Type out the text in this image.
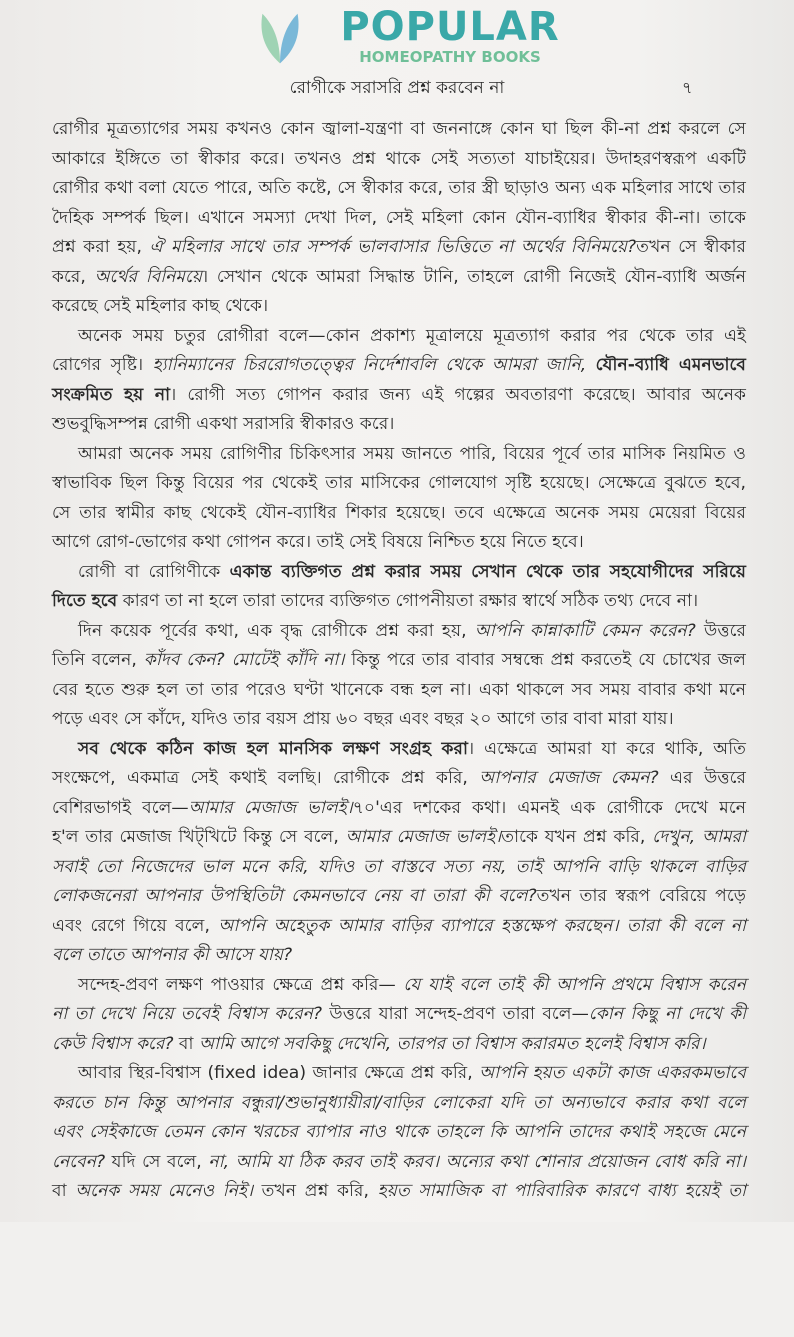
POPULAR
HOMEOPATHY BOOKS
রোগীকে সরাসরি প্রশ্ন করবেন না	৭
রোগীর মূত্রত্যাগের সময় কখনও কোন জ্বালা-যন্ত্রণা বা জননাঙ্গে কোন ঘা ছিল কী-না প্রশ্ন করলে সে
আকারে ইঙ্গিতে তা স্বীকার করে। তখনও প্রশ্ন থাকে সেই সত্যতা যাচাইয়ের। উদাহরণস্বরূপ একটি
রোগীর কথা বলা যেতে পারে, অতি কষ্টে, সে স্বীকার করে, তার স্ত্রী ছাড়াও অন্য এক মহিলার সাথে তার
দৈহিক সম্পর্ক ছিল। এখানে সমস্যা দেখা দিল, সেই মহিলা কোন যৌন-ব্যাধির স্বীকার কী-না। তাকে
প্রশ্ন করা হয়, ঐ মহিলার সাথে তার সম্পর্ক ভালবাসার ভিত্তিতে না অর্থের বিনিময়ে?তখন সে স্বীকার
করে, অর্থের বিনিময়ে। সেখান থেকে আমরা সিদ্ধান্ত টানি, তাহলে রোগী নিজেই যৌন-ব্যাধি অর্জন
করেছে সেই মহিলার কাছ থেকে।
অনেক সময় চতুর রোগীরা বলে—কোন প্রকাশ্য মূত্রালয়ে মূত্রত্যাগ করার পর থেকে তার এই
রোগের সৃষ্টি। হ্যানিম্যানের চিররোগতত্ত্বের নির্দেশাবলি থেকে আমরা জানি, যৌন-ব্যাধি এমনভাবে
সংক্রমিত হয় না। রোগী সত্য গোপন করার জন্য এই গল্পের অবতারণা করেছে। আবার অনেক
শুভবুদ্ধিসম্পন্ন রোগী একথা সরাসরি স্বীকারও করে।
আমরা অনেক সময় রোগিণীর চিকিৎসার সময় জানতে পারি, বিয়ের পূর্বে তার মাসিক নিয়মিত ও
স্বাভাবিক ছিল কিন্তু বিয়ের পর থেকেই তার মাসিকের গোলযোগ সৃষ্টি হয়েছে। সেক্ষেত্রে বুঝতে হবে,
সে তার স্বামীর কাছ থেকেই যৌন-ব্যাধির শিকার হয়েছে। তবে এক্ষেত্রে অনেক সময় মেয়েরা বিয়ের
আগে রোগ-ভোগের কথা গোপন করে। তাই সেই বিষয়ে নিশ্চিত হয়ে নিতে হবে।
রোগী বা রোগিণীকে একান্ত ব্যক্তিগত প্রশ্ন করার সময় সেখান থেকে তার সহযোগীদের সরিয়ে
দিতে হবে কারণ তা না হলে তারা তাদের ব্যক্তিগত গোপনীয়তা রক্ষার স্বার্থে সঠিক তথ্য দেবে না।
দিন কয়েক পূর্বের কথা, এক বৃদ্ধ রোগীকে প্রশ্ন করা হয়, আপনি কান্নাকাটি কেমন করেন? উত্তরে
তিনি বলেন, কাঁদব কেন? মোটেই কাঁদি না। কিন্তু পরে তার বাবার সম্বন্ধে প্রশ্ন করতেই যে চোখের জল
বের হতে শুরু হল তা তার পরেও ঘণ্টা খানেকে বন্ধ হল না। একা থাকলে সব সময় বাবার কথা মনে
পড়ে এবং সে কাঁদে, যদিও তার বয়স প্রায় ৬০ বছর এবং বছর ২০ আগে তার বাবা মারা যায়।
সব থেকে কঠিন কাজ হল মানসিক লক্ষণ সংগ্রহ করা। এক্ষেত্রে আমরা যা করে থাকি, অতি
সংক্ষেপে, একমাত্র সেই কথাই বলছি। রোগীকে প্রশ্ন করি, আপনার মেজাজ কেমন? এর উত্তরে
বেশিরভাগই বলে—আমার মেজাজ ভালই।৭০'এর দশকের কথা। এমনই এক রোগীকে দেখে মনে
হ'ল তার মেজাজ খিট্‌খিটে কিন্তু সে বলে, আমার মেজাজ ভালই।তাকে যখন প্রশ্ন করি, দেখুন, আমরা
সবাই তো নিজেদের ভাল মনে করি, যদিও তা বাস্তবে সত্য নয়, তাই আপনি বাড়ি থাকলে বাড়ির
লোকজনেরা আপনার উপস্থিতিটা কেমনভাবে নেয় বা তারা কী বলে?তখন তার স্বরূপ বেরিয়ে পড়ে
এবং রেগে গিয়ে বলে, আপনি অহেতুক আমার বাড়ির ব্যাপারে হস্তক্ষেপ করছেন। তারা কী বলে না
বলে তাতে আপনার কী আসে যায়?
সন্দেহ-প্রবণ লক্ষণ পাওয়ার ক্ষেত্রে প্রশ্ন করি— যে যাই বলে তাই কী আপনি প্রথমে বিশ্বাস করেন
না তা দেখে নিয়ে তবেই বিশ্বাস করেন? উত্তরে যারা সন্দেহ-প্রবণ তারা বলে—কোন কিছু না দেখে কী
কেউ বিশ্বাস করে? বা আমি আগে সবকিছু দেখেনি, তারপর তা বিশ্বাস করারমত হলেই বিশ্বাস করি।
আবার স্থির-বিশ্বাস (fixed idea) জানার ক্ষেত্রে প্রশ্ন করি, আপনি হয়ত একটা কাজ একরকমভাবে
করতে চান কিন্তু আপনার বন্ধুরা/শুভানুধ্যায়ীরা/বাড়ির লোকেরা যদি তা অন্যভাবে করার কথা বলে
এবং সেইকাজে তেমন কোন খরচের ব্যাপার নাও থাকে তাহলে কি আপনি তাদের কথাই সহজে মেনে
নেবেন? যদি সে বলে, না, আমি যা ঠিক করব তাই করব। অন্যের কথা শোনার প্রয়োজন বোধ করি না।
বা অনেক সময় মেনেও নিই। তখন প্রশ্ন করি, হয়ত সামাজিক বা পারিবারিক কারণে বাধ্য হয়েই তা
